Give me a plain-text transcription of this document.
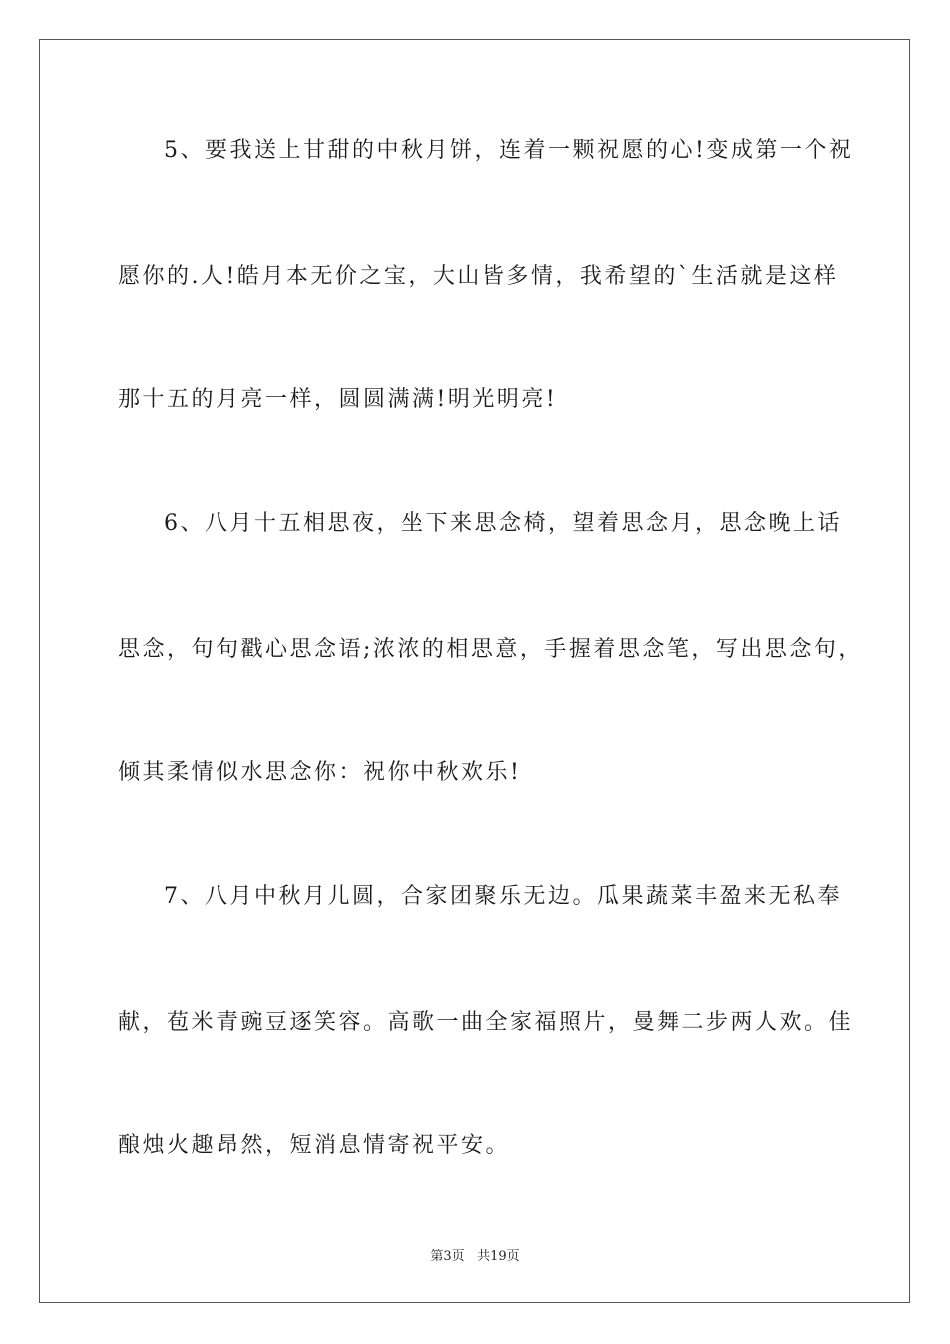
5、要我送上甘甜的中秋月饼，连着一颗祝愿的心!变成第一个祝
愿你的.人!皓月本无价之宝，大山皆多情，我希望的`生活就是这样
那十五的月亮一样，圆圆满满!明光明亮!
6、八月十五相思夜，坐下来思念椅，望着思念月，思念晚上话
思念，句句戳心思念语;浓浓的相思意，手握着思念笔，写出思念句，
倾其柔情似水思念你：祝你中秋欢乐!
7、八月中秋月儿圆，合家团聚乐无边。瓜果蔬菜丰盈来无私奉
献，苞米青豌豆逐笑容。高歌一曲全家福照片，曼舞二步两人欢。佳
酿烛火趣昂然，短消息情寄祝平安。
第3页 共19页
